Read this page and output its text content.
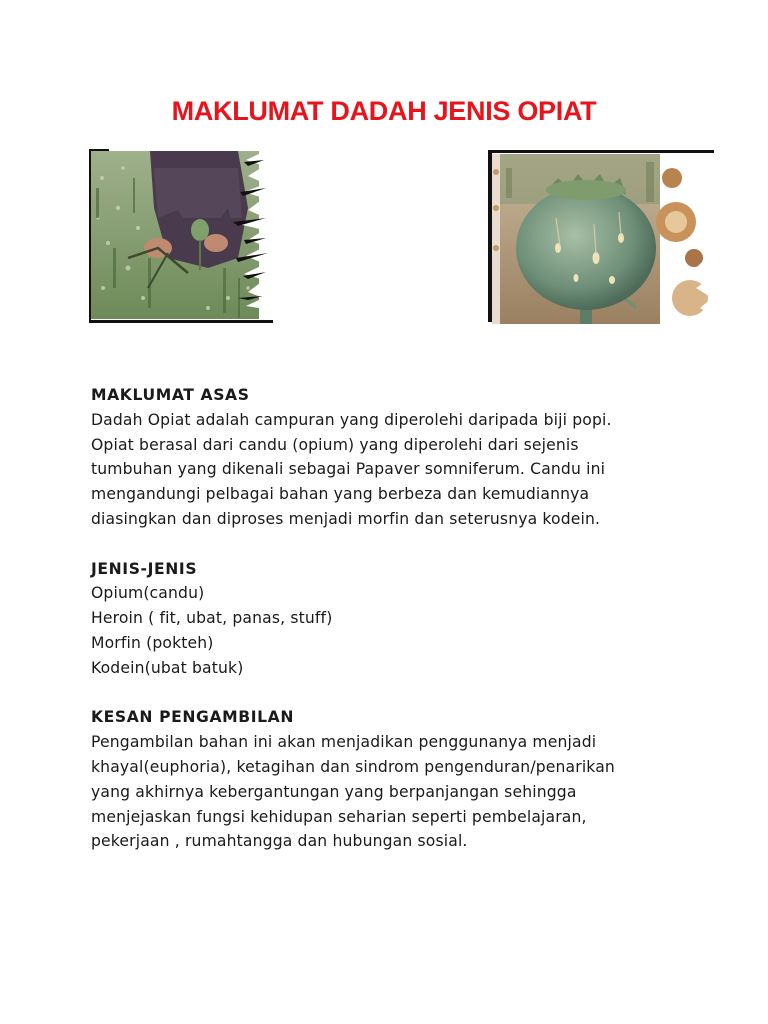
MAKLUMAT DADAH JENIS OPIAT

MAKLUMAT ASAS

Dadah Opiat adalah campuran yang diperolehi daripada biji popi.
Opiat berasal dari candu (opium) yang diperolehi dari sejenis
tumbuhan yang dikenali sebagai Papaver somniferum. Candu ini
mengandungi pelbagai bahan yang berbeza dan kemudiannya
diasingkan dan diproses menjadi morfin dan seterusnya kodein.

JENIS-JENIS

Opium(candu)
Heroin ( fit, ubat, panas, stuff)
Morfin (pokteh)
Kodein(ubat batuk)

KESAN PENGAMBILAN

Pengambilan bahan ini akan menjadikan penggunanya menjadi
khayal(euphoria), ketagihan dan sindrom pengenduran/penarikan
yang akhirnya kebergantungan yang berpanjangan sehingga
menjejaskan fungsi kehidupan seharian seperti pembelajaran,
pekerjaan , rumahtangga dan hubungan sosial.
